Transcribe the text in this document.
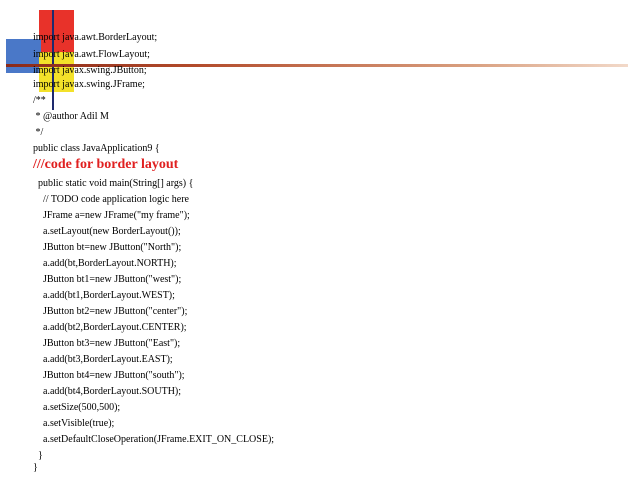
import java.awt.BorderLayout;
import java.awt.FlowLayout;
import javax.swing.JButton;
import javax.swing.JFrame;
/**
* @author Adil M
*/
public class JavaApplication9 {
///code for border layout
public static void main(String[] args) {
// TODO code application logic here
JFrame a=new JFrame("my frame");
a.setLayout(new BorderLayout());
JButton bt=new JButton("North");
a.add(bt,BorderLayout.NORTH);
JButton bt1=new JButton("west");
a.add(bt1,BorderLayout.WEST);
JButton bt2=new JButton("center");
a.add(bt2,BorderLayout.CENTER);
JButton bt3=new JButton("East");
a.add(bt3,BorderLayout.EAST);
JButton bt4=new JButton("south");
a.add(bt4,BorderLayout.SOUTH);
a.setSize(500,500);
a.setVisible(true);
a.setDefaultCloseOperation(JFrame.EXIT_ON_CLOSE);
}
}
